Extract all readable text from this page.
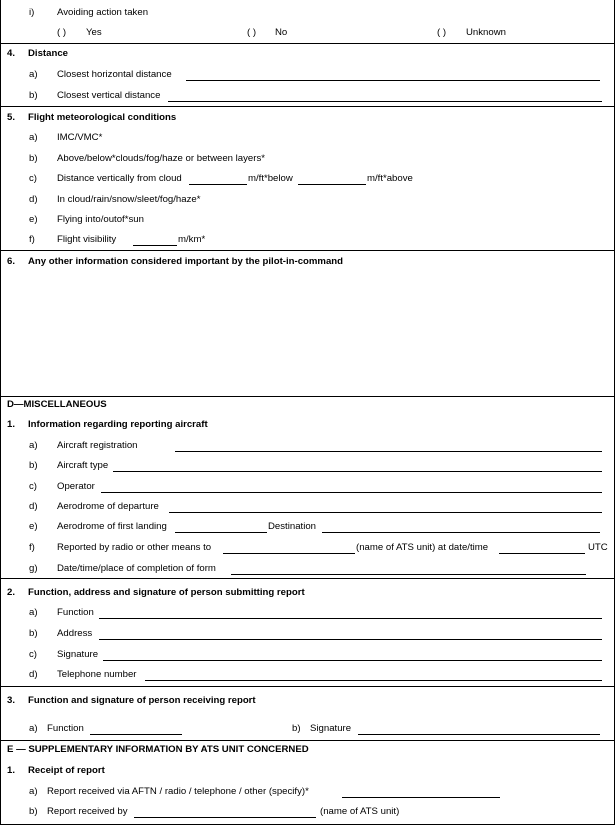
i) Avoiding action taken
( ) Yes	( ) No	( ) Unknown
4. Distance
a) Closest horizontal distance
b) Closest vertical distance
5. Flight meteorological conditions
a) IMC/VMC*
b) Above/below*clouds/fog/haze or between layers*
c) Distance vertically from cloud	m/ft*below	m/ft*above
d) In cloud/rain/snow/sleet/fog/haze*
e) Flying into/outof*sun
f) Flight visibility	m/km*
6. Any other information considered important by the pilot-in-command
D—MISCELLANEOUS
1. Information regarding reporting aircraft
a) Aircraft registration
b) Aircraft type
c) Operator
d) Aerodrome of departure
e) Aerodrome of first landing	Destination
f) Reported by radio or other means to	(name of ATS unit) at date/time	UTC
g) Date/time/place of completion of form
2. Function, address and signature of person submitting report
a) Function
b) Address
c) Signature
d) Telephone number
3. Function and signature of person receiving report
a) Function	b) Signature
E — SUPPLEMENTARY INFORMATION BY ATS UNIT CONCERNED
1. Receipt of report
a) Report received via AFTN / radio / telephone / other (specify)*
b) Report received by	(name of ATS unit)
